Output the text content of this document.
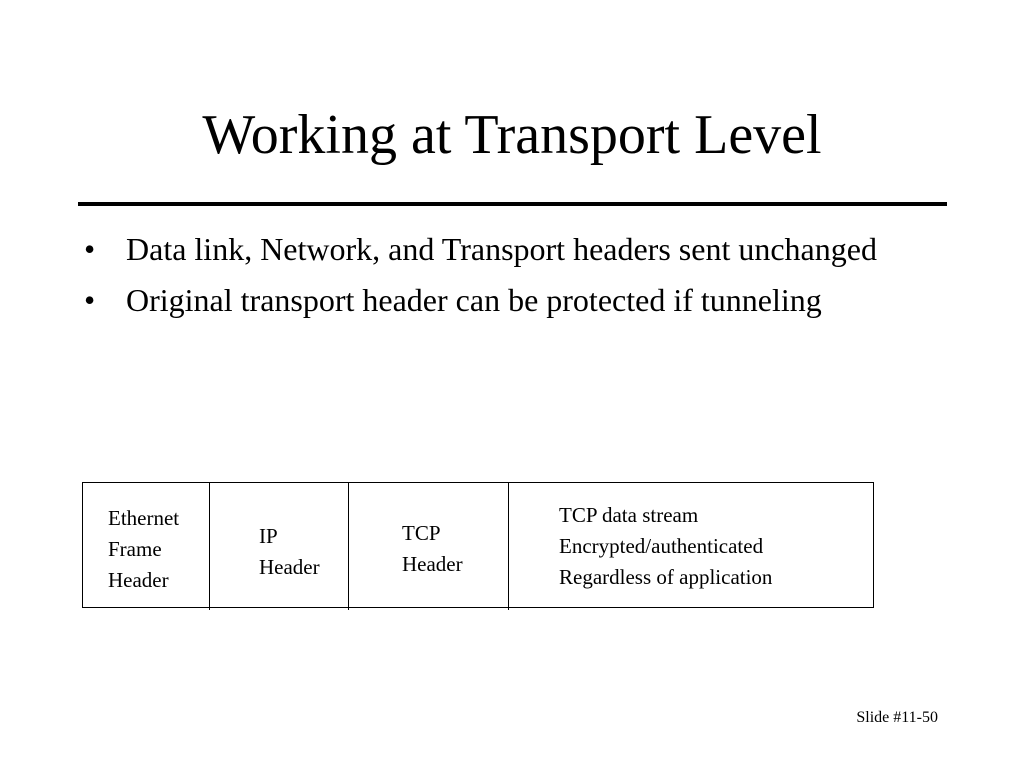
Working at Transport Level
• Data link, Network, and Transport headers sent unchanged
• Original transport header can be protected if tunneling
Ethernet
Frame
Header
IP
Header
TCP
Header
TCP data stream
Encrypted/authenticated
Regardless of application
Slide #11-50
